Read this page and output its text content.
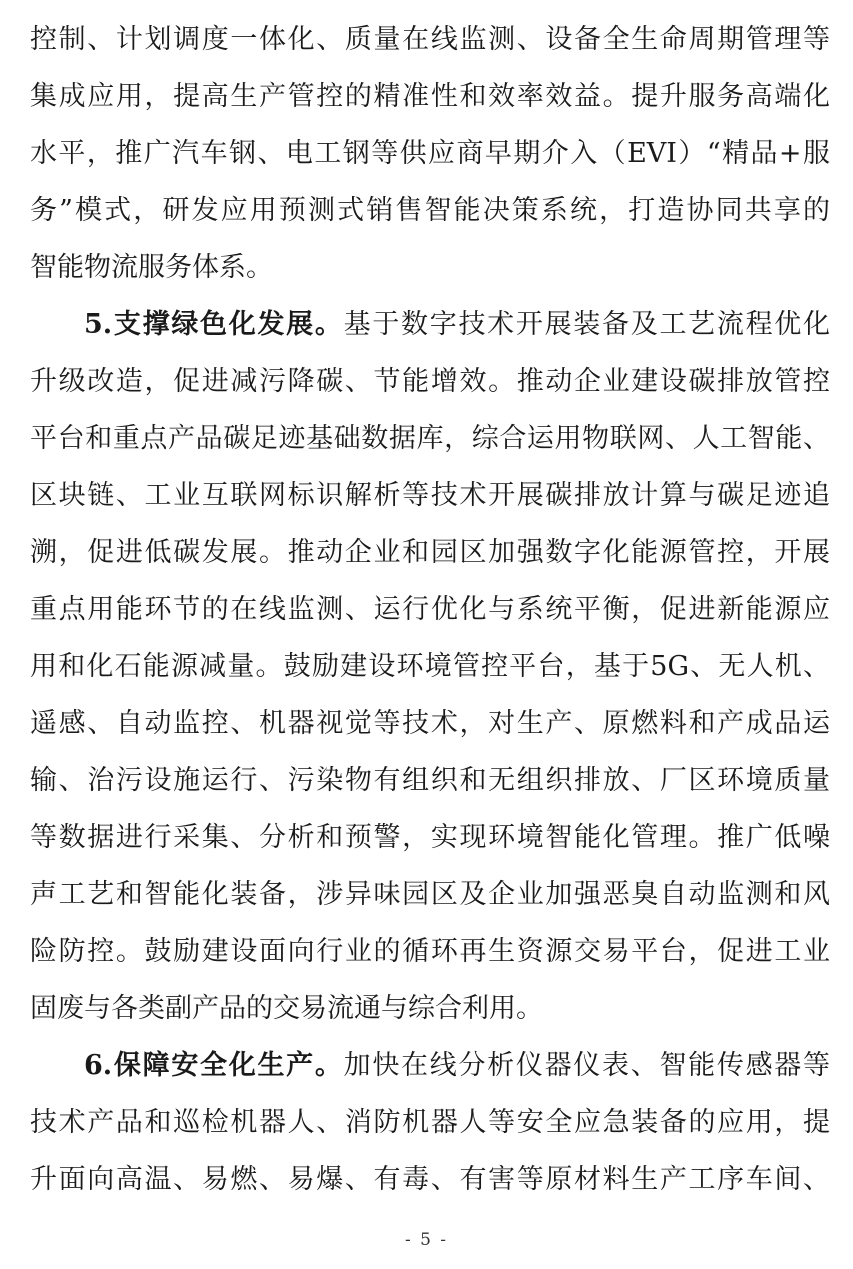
控制、计划调度一体化、质量在线监测、设备全生命周期管理等
集成应用，提高生产管控的精准性和效率效益。提升服务高端化
水平，推广汽车钢、电工钢等供应商早期介入（EVI）“精品+服
务”模式，研发应用预测式销售智能决策系统，打造协同共享的
智能物流服务体系。
5.支撑绿色化发展。基于数字技术开展装备及工艺流程优化
升级改造，促进减污降碳、节能增效。推动企业建设碳排放管控
平台和重点产品碳足迹基础数据库，综合运用物联网、人工智能、
区块链、工业互联网标识解析等技术开展碳排放计算与碳足迹追
溯，促进低碳发展。推动企业和园区加强数字化能源管控，开展
重点用能环节的在线监测、运行优化与系统平衡，促进新能源应
用和化石能源减量。鼓励建设环境管控平台，基于5G、无人机、
遥感、自动监控、机器视觉等技术，对生产、原燃料和产成品运
输、治污设施运行、污染物有组织和无组织排放、厂区环境质量
等数据进行采集、分析和预警，实现环境智能化管理。推广低噪
声工艺和智能化装备，涉异味园区及企业加强恶臭自动监测和风
险防控。鼓励建设面向行业的循环再生资源交易平台，促进工业
固废与各类副产品的交易流通与综合利用。
6.保障安全化生产。加快在线分析仪器仪表、智能传感器等
技术产品和巡检机器人、消防机器人等安全应急装备的应用，提
升面向高温、易燃、易爆、有毒、有害等原材料生产工序车间、
- 5 -
